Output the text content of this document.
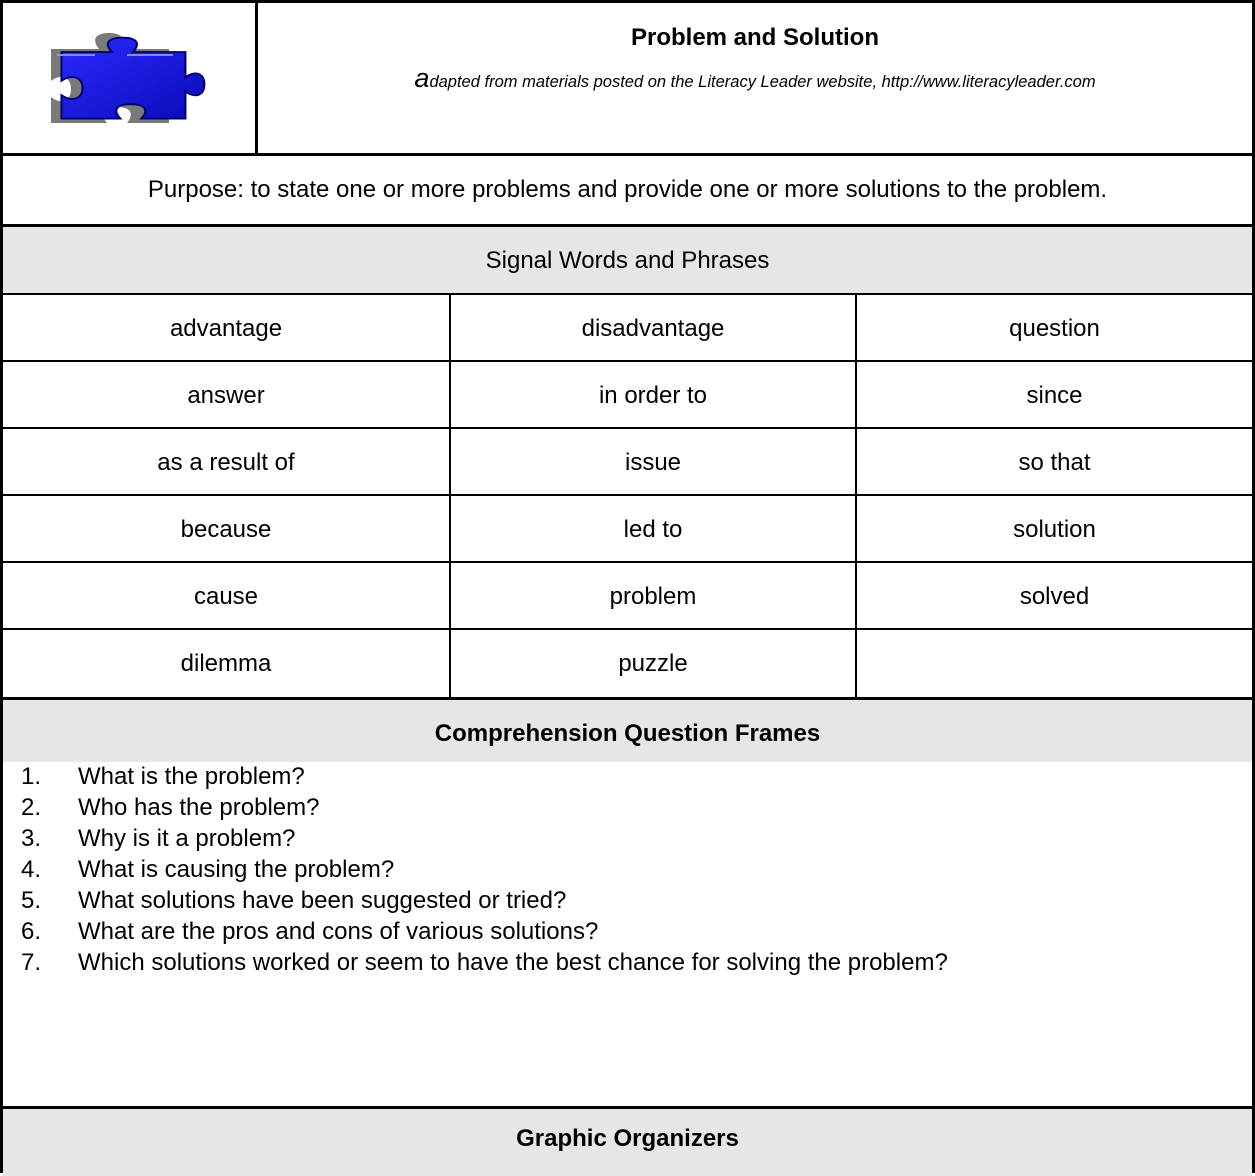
Problem and Solution
adapted from materials posted on the Literacy Leader website, http://www.literacyleader.com
Purpose: to state one or more problems and provide one or more solutions to the problem.
Signal Words and Phrases
advantage	disadvantage	question
answer	in order to	since
as a result of	issue	so that
because	led to	solution
cause	problem	solved
dilemma	puzzle
Comprehension Question Frames
1. What is the problem?
2. Who has the problem?
3. Why is it a problem?
4. What is causing the problem?
5. What solutions have been suggested or tried?
6. What are the pros and cons of various solutions?
7. Which solutions worked or seem to have the best chance for solving the problem?
Graphic Organizers
